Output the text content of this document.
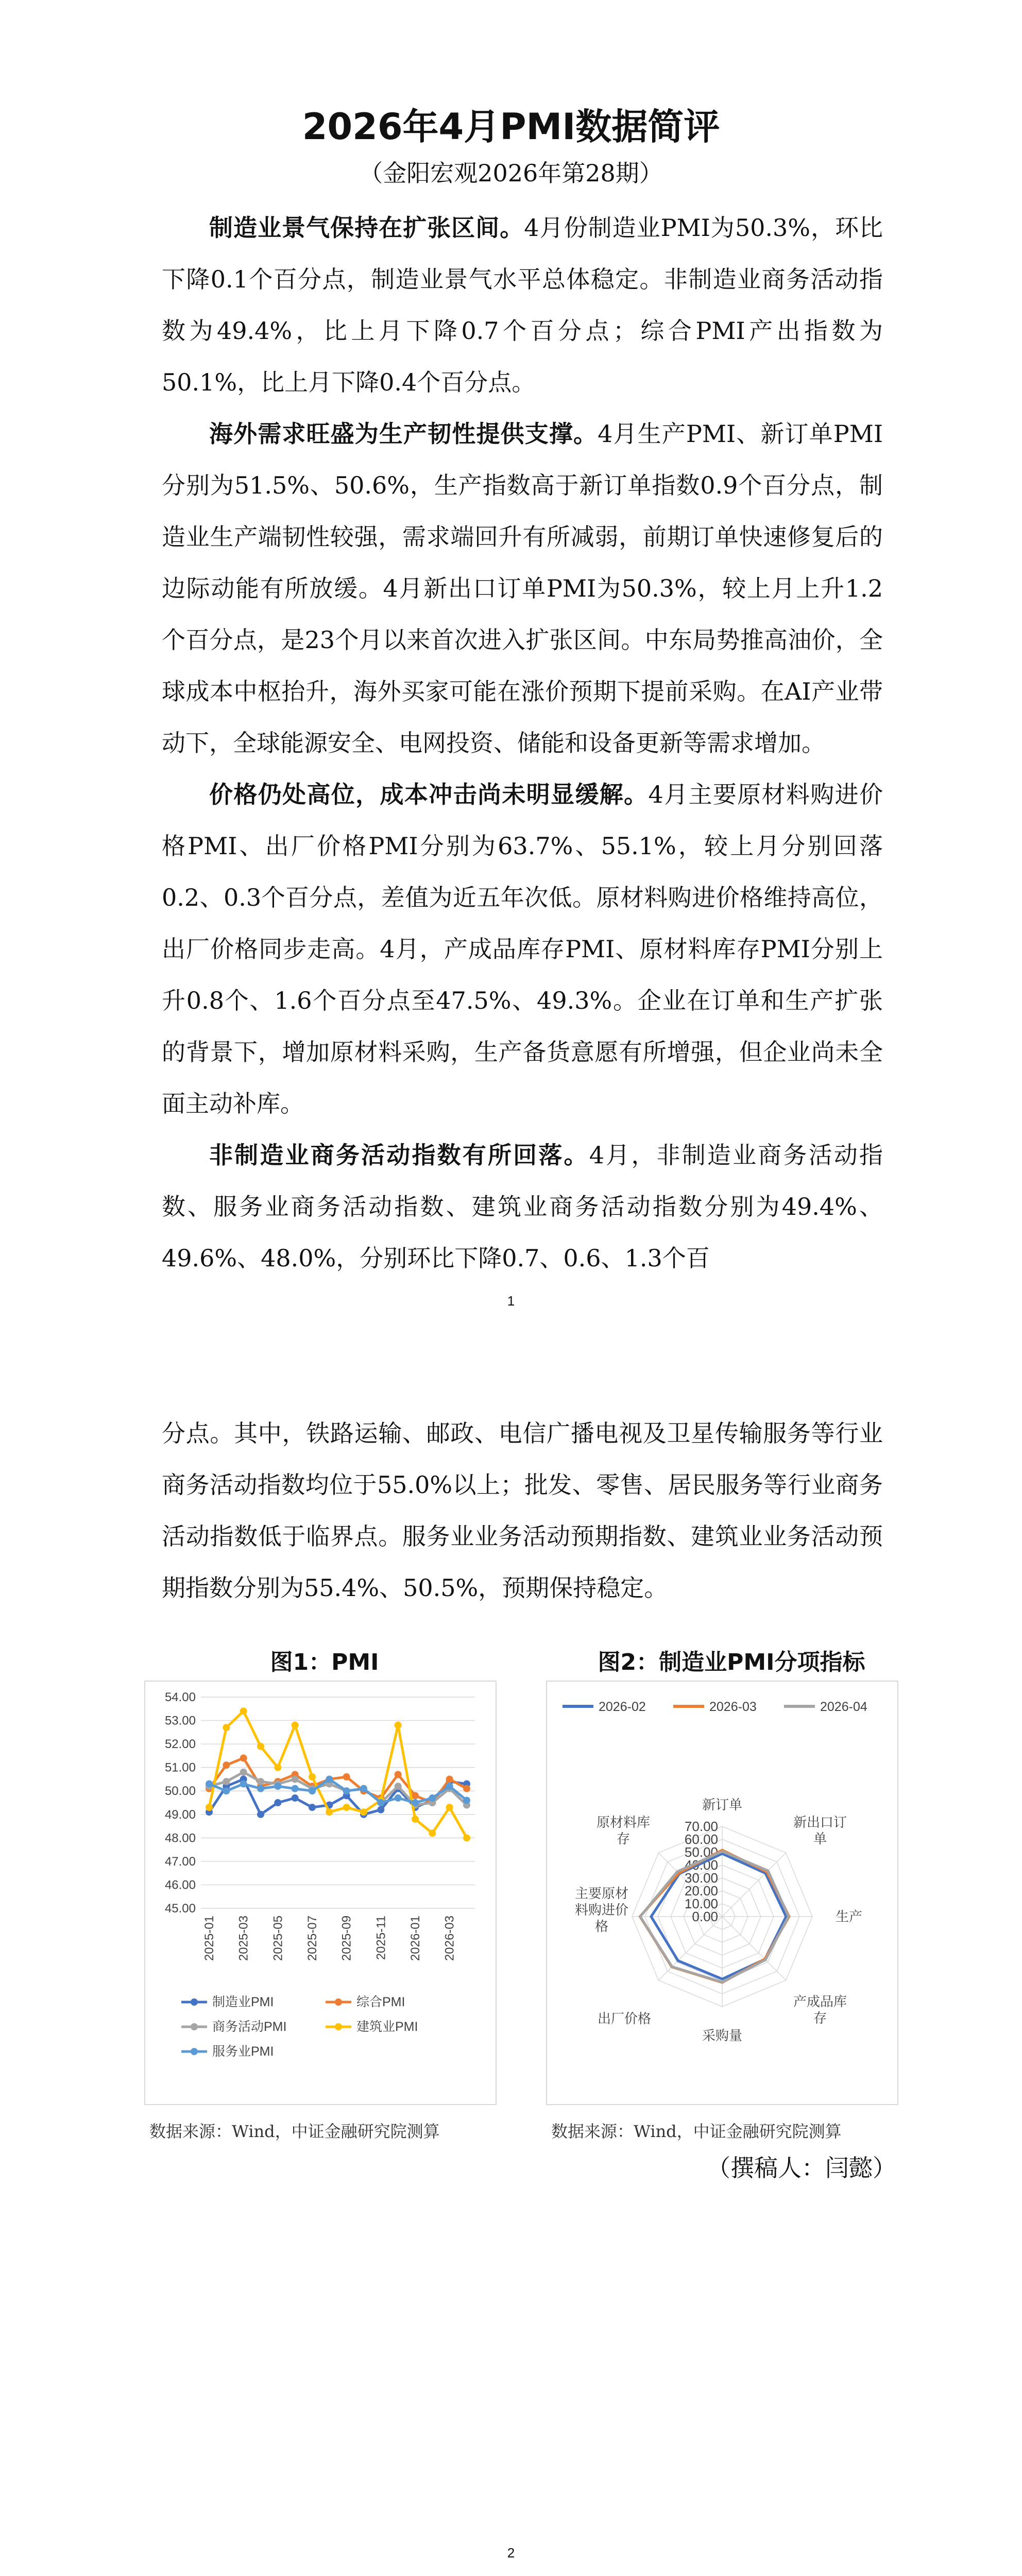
2026年4月PMI数据简评
（金阳宏观2026年第28期）

制造业景气保持在扩张区间。4月份制造业PMI为50.3%，环比下降0.1个百分点，制造业景气水平总体稳定。非制造业商务活动指数为49.4%，比上月下降0.7个百分点；综合PMI产出指数为50.1%，比上月下降0.4个百分点。

海外需求旺盛为生产韧性提供支撑。4月生产PMI、新订单PMI分别为51.5%、50.6%，生产指数高于新订单指数0.9个百分点，制造业生产端韧性较强，需求端回升有所减弱，前期订单快速修复后的边际动能有所放缓。4月新出口订单PMI为50.3%，较上月上升1.2个百分点，是23个月以来首次进入扩张区间。中东局势推高油价，全球成本中枢抬升，海外买家可能在涨价预期下提前采购。在AI产业带动下，全球能源安全、电网投资、储能和设备更新等需求增加。

价格仍处高位，成本冲击尚未明显缓解。4月主要原材料购进价格PMI、出厂价格PMI分别为63.7%、55.1%，较上月分别回落0.2、0.3个百分点，差值为近五年次低。原材料购进价格维持高位，出厂价格同步走高。4月，产成品库存PMI、原材料库存PMI分别上升0.8个、1.6个百分点至47.5%、49.3%。企业在订单和生产扩张的背景下，增加原材料采购，生产备货意愿有所增强，但企业尚未全面主动补库。

非制造业商务活动指数有所回落。4月，非制造业商务活动指数、服务业商务活动指数、建筑业商务活动指数分别为49.4%、49.6%、48.0%，分别环比下降0.7、0.6、1.3个百

1

分点。其中，铁路运输、邮政、电信广播电视及卫星传输服务等行业商务活动指数均位于55.0%以上；批发、零售、居民服务等行业商务活动指数低于临界点。服务业业务活动预期指数、建筑业业务活动预期指数分别为55.4%、50.5%，预期保持稳定。

图1：PMI	图2：制造业PMI分项指标
45.00
46.00
47.00
48.00
49.00
50.00
51.00
52.00
53.00
54.00
2025-01 2025-03 2025-05 2025-07 2025-09 2025-11 2026-01 2026-03
制造业PMI	综合PMI
商务活动PMI	建筑业PMI
服务业PMI
2026-02	2026-03	2026-04
0.00
10.00
20.00
30.00
40.00
50.00
60.00
70.00
新订单
新出口订单
生产
产成品库存
采购量
出厂价格
主要原材料购进价格
原材料库存
数据来源：Wind，中证金融研究院测算	数据来源：Wind，中证金融研究院测算
（撰稿人：闫懿）
2
